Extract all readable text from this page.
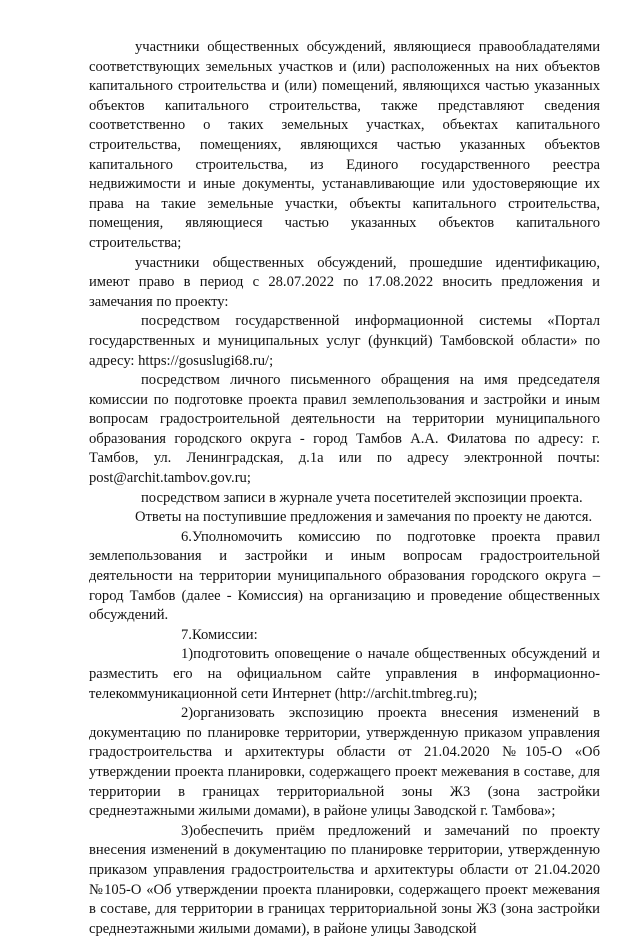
участники общественных обсуждений, являющиеся правообладателями соответствующих земельных участков и (или) расположенных на них объектов капитального строительства и (или) помещений, являющихся частью указанных объектов капитального строительства, также представляют сведения соответственно о таких земельных участках, объектах капитального строительства, помещениях, являющихся частью указанных объектов капитального строительства, из Единого государственного реестра недвижимости и иные документы, устанавливающие или удостоверяющие их права на такие земельные участки, объекты капитального строительства, помещения, являющиеся частью указанных объектов капитального строительства;

участники общественных обсуждений, прошедшие идентификацию, имеют право в период с 28.07.2022 по 17.08.2022 вносить предложения и замечания по проекту:

посредством государственной информационной системы «Портал государственных и муниципальных услуг (функций) Тамбовской области» по адресу: https://gosuslugi68.ru/;

посредством личного письменного обращения на имя председателя комиссии по подготовке проекта правил землепользования и застройки и иным вопросам градостроительной деятельности на территории муниципального образования городского округа - город Тамбов А.А. Филатова по адресу: г. Тамбов, ул. Ленинградская, д.1а или по адресу электронной почты: post@archit.tambov.gov.ru;

посредством записи в журнале учета посетителей экспозиции проекта.

Ответы на поступившие предложения и замечания по проекту не даются.

6.Уполномочить комиссию по подготовке проекта правил землепользования и застройки и иным вопросам градостроительной деятельности на территории муниципального образования городского округа – город Тамбов (далее - Комиссия) на организацию и проведение общественных обсуждений.

7.Комиссии:

1)подготовить оповещение о начале общественных обсуждений и разместить его на официальном сайте управления в информационно-телекоммуникационной сети Интернет (http://archit.tmbreg.ru);

2)организовать экспозицию проекта внесения изменений в документацию по планировке территории, утвержденную приказом управления градостроительства и архитектуры области от 21.04.2020 №105-О «Об утверждении проекта планировки, содержащего проект межевания в составе, для территории в границах территориальной зоны Ж3 (зона застройки среднеэтажными жилыми домами), в районе улицы Заводской г. Тамбова»;

3)обеспечить приём предложений и замечаний по проекту внесения изменений в документацию по планировке территории, утвержденную приказом управления градостроительства и архитектуры области от 21.04.2020 №105-О «Об утверждении проекта планировки, содержащего проект межевания в составе, для территории в границах территориальной зоны Ж3 (зона застройки среднеэтажными жилыми домами), в районе улицы Заводской
